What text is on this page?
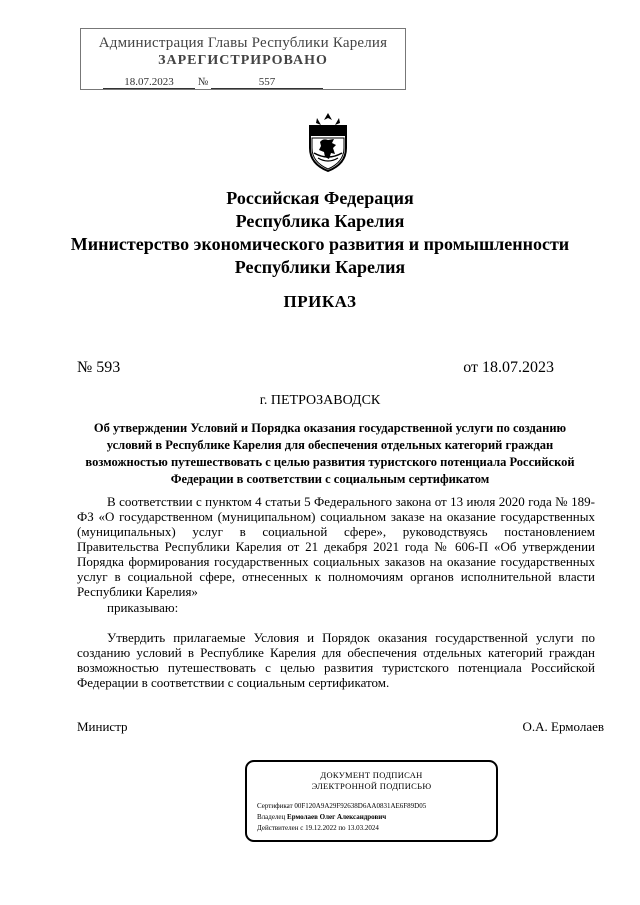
Администрация Главы Республики Карелия
ЗАРЕГИСТРИРОВАНО
18.07.2023 №	557
Российская Федерация
Республика Карелия
Министерство экономического развития и промышленности
Республики Карелия
ПРИКАЗ
№ 593	от 18.07.2023
г. ПЕТРОЗАВОДСК
Об утверждении Условий и Порядка оказания государственной услуги по созданию условий в Республике Карелия для обеспечения отдельных категорий граждан возможностью путешествовать с целью развития туристского потенциала Российской Федерации в соответствии с социальным сертификатом
В соответствии с пунктом 4 статьи 5 Федерального закона от 13 июля 2020 года № 189-ФЗ «О государственном (муниципальном) социальном заказе на оказание государственных (муниципальных) услуг в социальной сфере», руководствуясь постановлением Правительства Республики Карелия от 21 декабря 2021 года № 606-П «Об утверждении Порядка формирования государственных социальных заказов на оказание государственных услуг в социальной сфере, отнесенных к полномочиям органов исполнительной власти Республики Карелия»
приказываю:
Утвердить прилагаемые Условия и Порядок оказания государственной услуги по созданию условий в Республике Карелия для обеспечения отдельных категорий граждан возможностью путешествовать с целью развития туристского потенциала Российской Федерации в соответствии с социальным сертификатом.
Министр	О.А. Ермолаев
ДОКУМЕНТ ПОДПИСАН
ЭЛЕКТРОННОЙ ПОДПИСЬЮ
Сертификат 00F120A9A29F92638D6AA0831AE6F89D05
Владелец Ермолаев Олег Александрович
Действителен с 19.12.2022 по 13.03.2024
